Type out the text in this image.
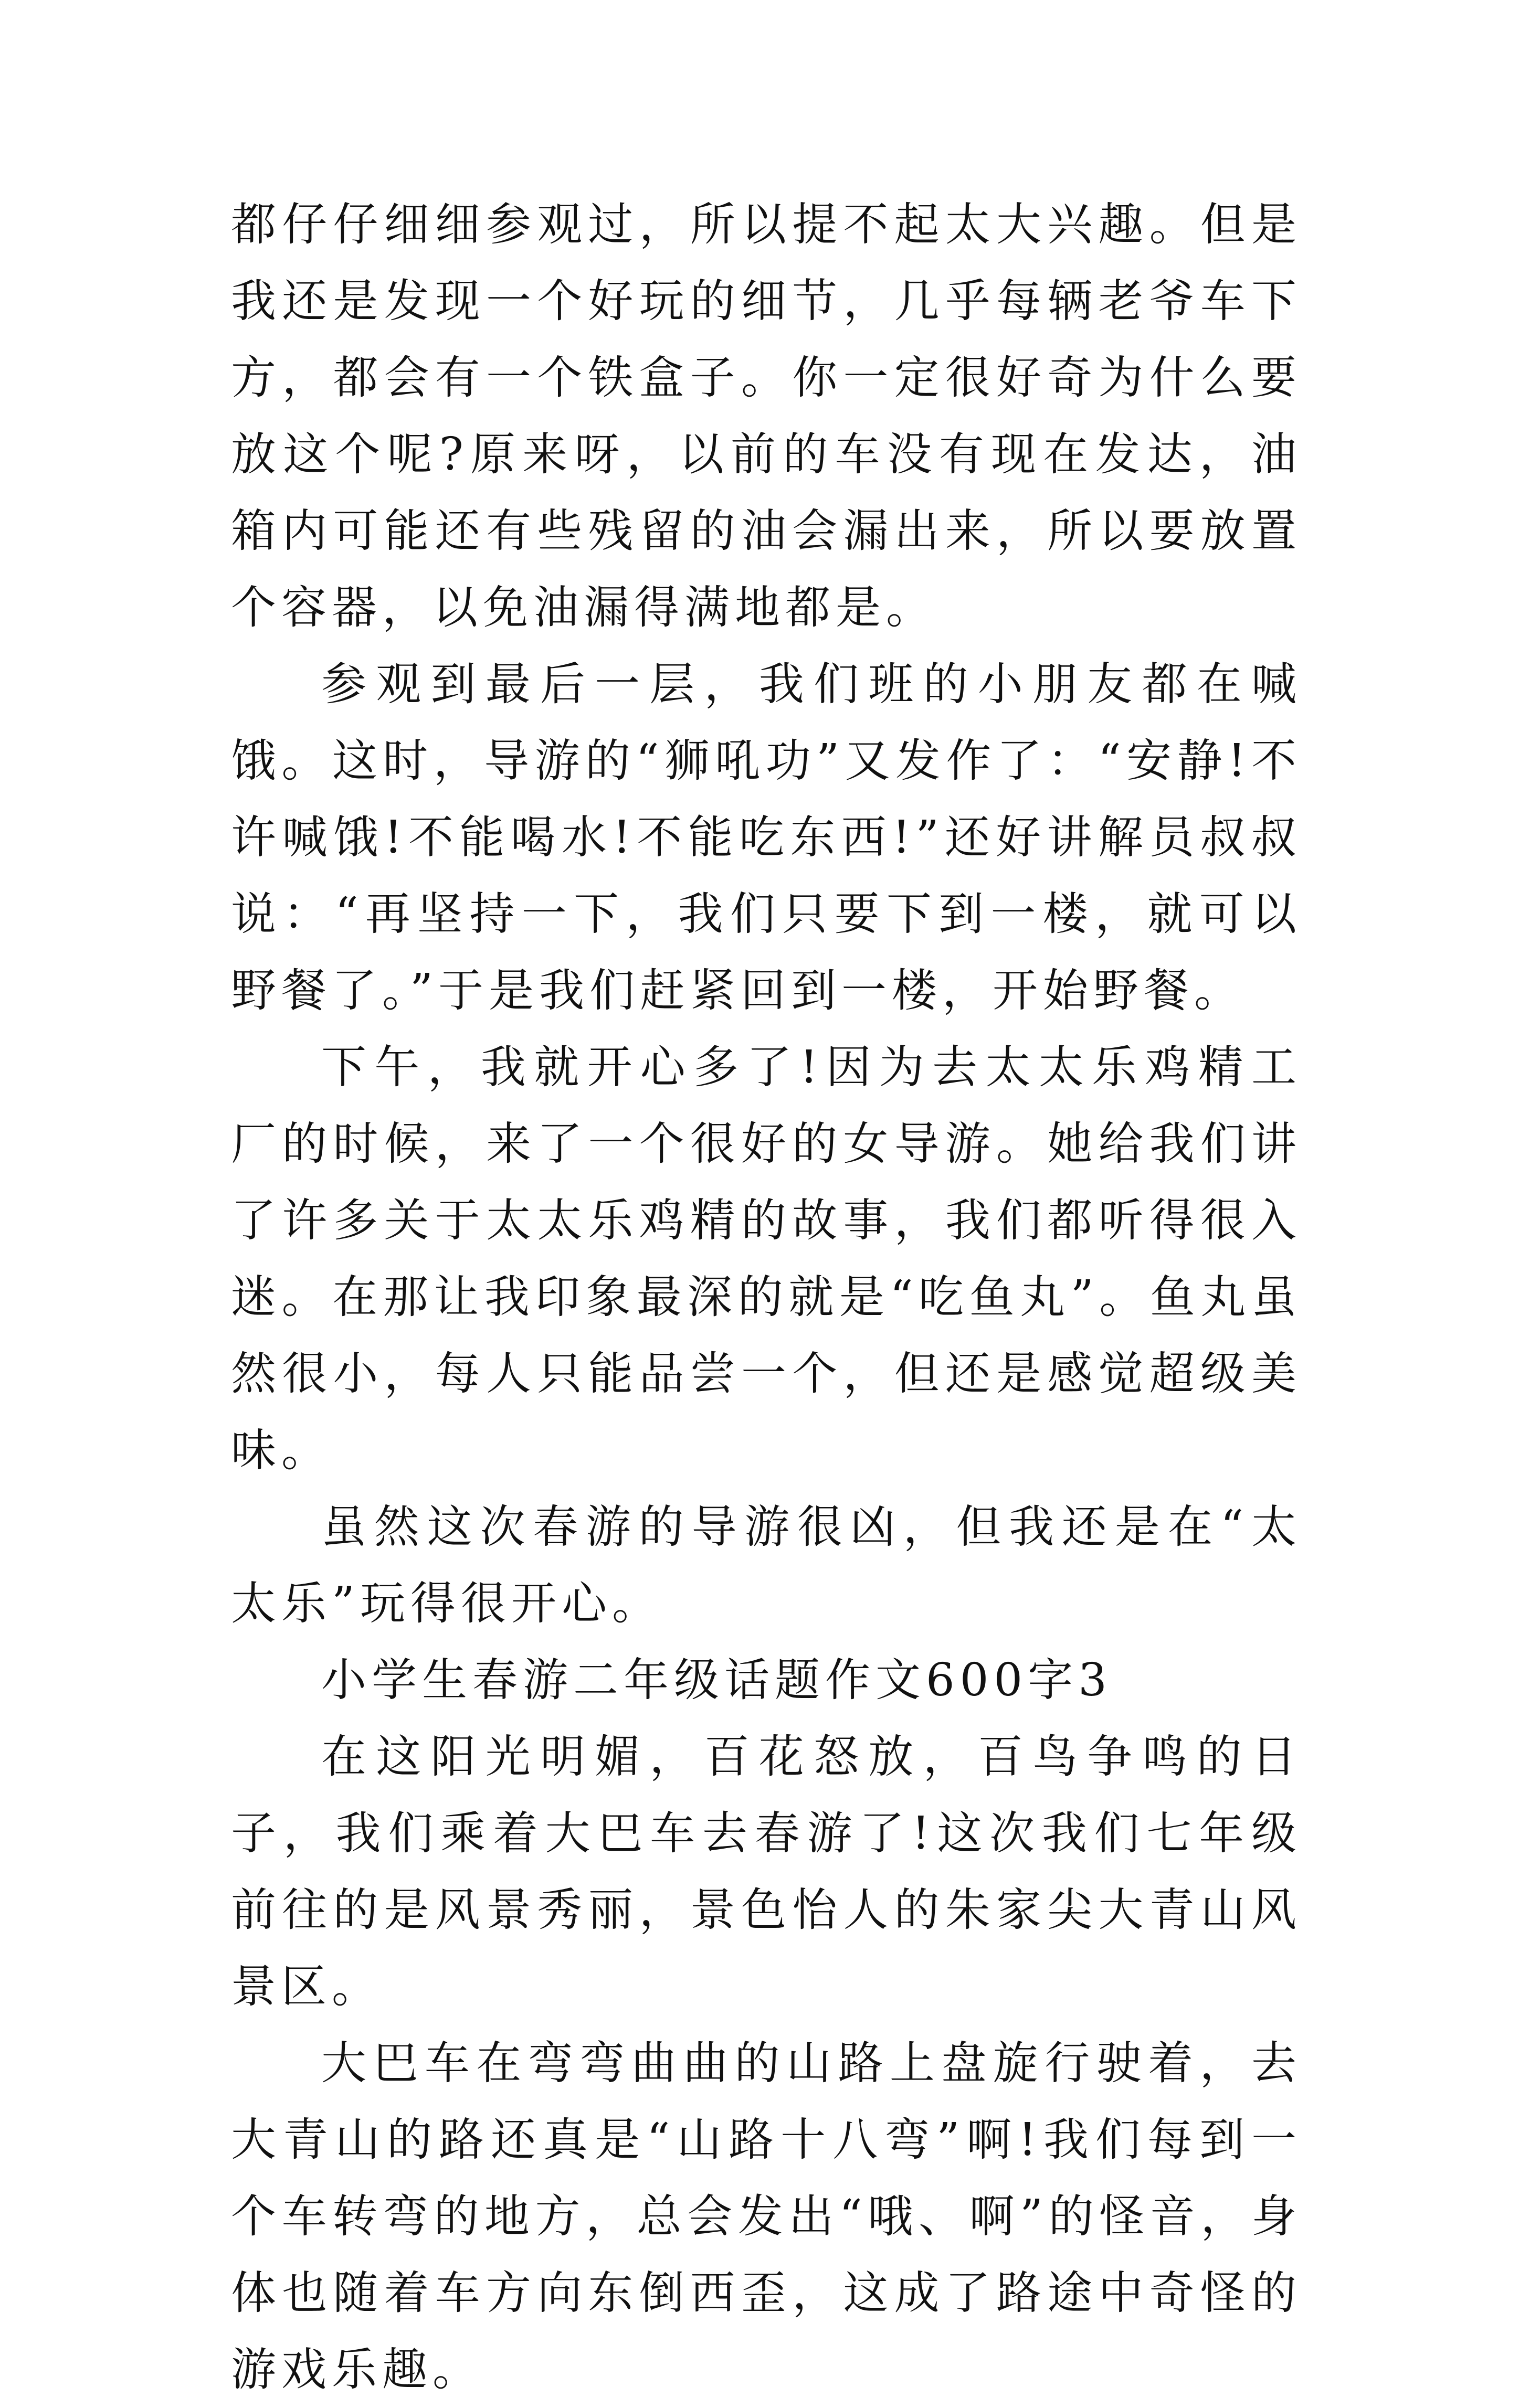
都仔仔细细参观过，所以提不起太大兴趣。但是我还是发现一个好玩的细节，几乎每辆老爷车下方，都会有一个铁盒子。你一定很好奇为什么要放这个呢?原来呀，以前的车没有现在发达，油箱内可能还有些残留的油会漏出来，所以要放置个容器，以免油漏得满地都是。

参观到最后一层，我们班的小朋友都在喊饿。这时，导游的“狮吼功”又发作了：“安静!不许喊饿!不能喝水!不能吃东西!”还好讲解员叔叔说：“再坚持一下，我们只要下到一楼，就可以野餐了。”于是我们赶紧回到一楼，开始野餐。

下午，我就开心多了!因为去太太乐鸡精工厂的时候，来了一个很好的女导游。她给我们讲了许多关于太太乐鸡精的故事，我们都听得很入迷。在那让我印象最深的就是“吃鱼丸”。鱼丸虽然很小，每人只能品尝一个，但还是感觉超级美味。

虽然这次春游的导游很凶，但我还是在“太太乐”玩得很开心。

小学生春游二年级话题作文600字3

在这阳光明媚，百花怒放，百鸟争鸣的日子，我们乘着大巴车去春游了!这次我们七年级前往的是风景秀丽，景色怡人的朱家尖大青山风景区。

大巴车在弯弯曲曲的山路上盘旋行驶着，去大青山的路还真是“山路十八弯”啊!我们每到一个车转弯的地方，总会发出“哦、啊”的怪音，身体也随着车方向东倒西歪，这成了路途中奇怪的游戏乐趣。
